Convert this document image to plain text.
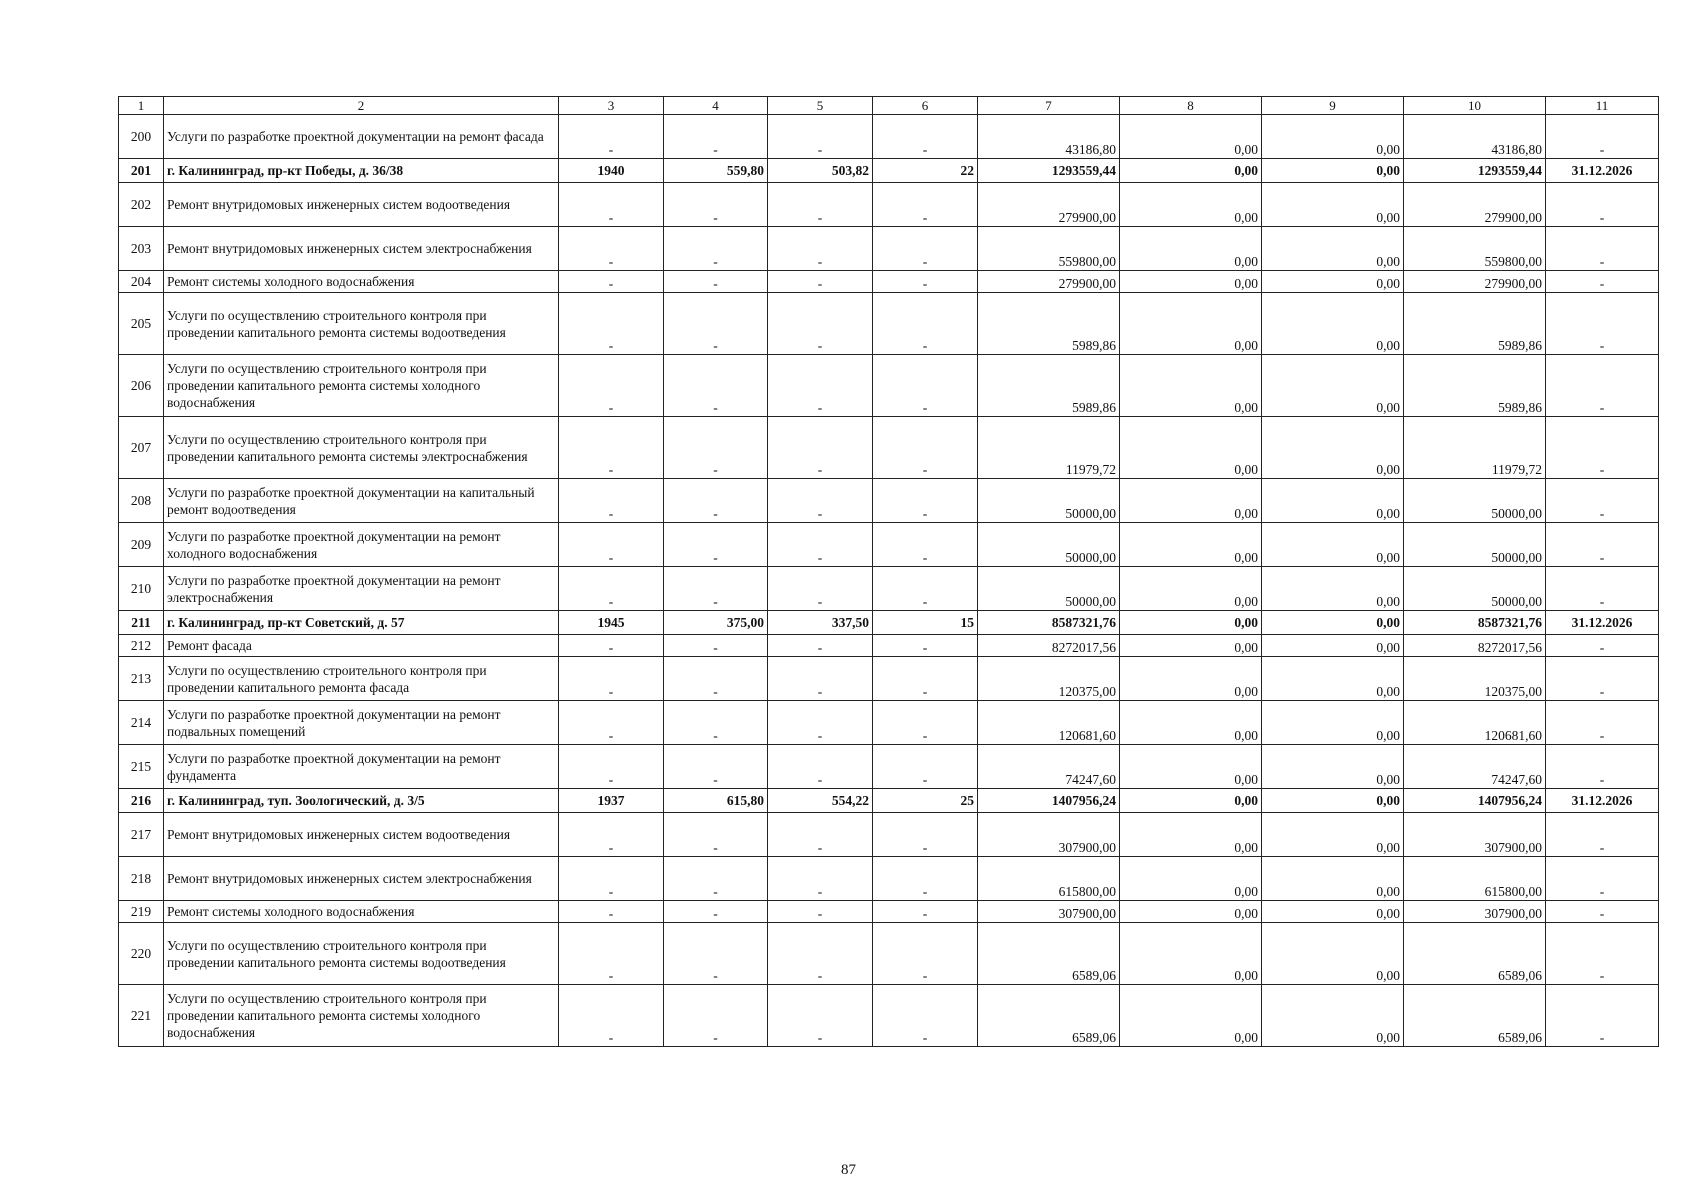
1	2	3	4	5	6	7	8	9	10	11
200	Услуги по разработке проектной документации на ремонт фасада	-	-	-	-	43186,80	0,00	0,00	43186,80	-
201	г. Калининград, пр-кт Победы, д. 36/38	1940	559,80	503,82	22	1293559,44	0,00	0,00	1293559,44	31.12.2026
202	Ремонт внутридомовых инженерных систем водоотведения	-	-	-	-	279900,00	0,00	0,00	279900,00	-
203	Ремонт внутридомовых инженерных систем электроснабжения	-	-	-	-	559800,00	0,00	0,00	559800,00	-
204	Ремонт системы холодного водоснабжения	-	-	-	-	279900,00	0,00	0,00	279900,00	-
205	Услуги по осуществлению строительного контроля при проведении капитального ремонта системы водоотведения	-	-	-	-	5989,86	0,00	0,00	5989,86	-
206	Услуги по осуществлению строительного контроля при проведении капитального ремонта системы холодного водоснабжения	-	-	-	-	5989,86	0,00	0,00	5989,86	-
207	Услуги по осуществлению строительного контроля при проведении капитального ремонта системы электроснабжения	-	-	-	-	11979,72	0,00	0,00	11979,72	-
208	Услуги по разработке проектной документации на капитальный ремонт водоотведения	-	-	-	-	50000,00	0,00	0,00	50000,00	-
209	Услуги по разработке проектной документации на ремонт холодного водоснабжения	-	-	-	-	50000,00	0,00	0,00	50000,00	-
210	Услуги по разработке проектной документации на ремонт электроснабжения	-	-	-	-	50000,00	0,00	0,00	50000,00	-
211	г. Калининград, пр-кт Советский, д. 57	1945	375,00	337,50	15	8587321,76	0,00	0,00	8587321,76	31.12.2026
212	Ремонт фасада	-	-	-	-	8272017,56	0,00	0,00	8272017,56	-
213	Услуги по осуществлению строительного контроля при проведении капитального ремонта фасада	-	-	-	-	120375,00	0,00	0,00	120375,00	-
214	Услуги по разработке проектной документации на ремонт подвальных помещений	-	-	-	-	120681,60	0,00	0,00	120681,60	-
215	Услуги по разработке проектной документации на ремонт фундамента	-	-	-	-	74247,60	0,00	0,00	74247,60	-
216	г. Калининград, туп. Зоологический, д. 3/5	1937	615,80	554,22	25	1407956,24	0,00	0,00	1407956,24	31.12.2026
217	Ремонт внутридомовых инженерных систем водоотведения	-	-	-	-	307900,00	0,00	0,00	307900,00	-
218	Ремонт внутридомовых инженерных систем электроснабжения	-	-	-	-	615800,00	0,00	0,00	615800,00	-
219	Ремонт системы холодного водоснабжения	-	-	-	-	307900,00	0,00	0,00	307900,00	-
220	Услуги по осуществлению строительного контроля при проведении капитального ремонта системы водоотведения	-	-	-	-	6589,06	0,00	0,00	6589,06	-
221	Услуги по осуществлению строительного контроля при проведении капитального ремонта системы холодного водоснабжения	-	-	-	-	6589,06	0,00	0,00	6589,06	-
87
